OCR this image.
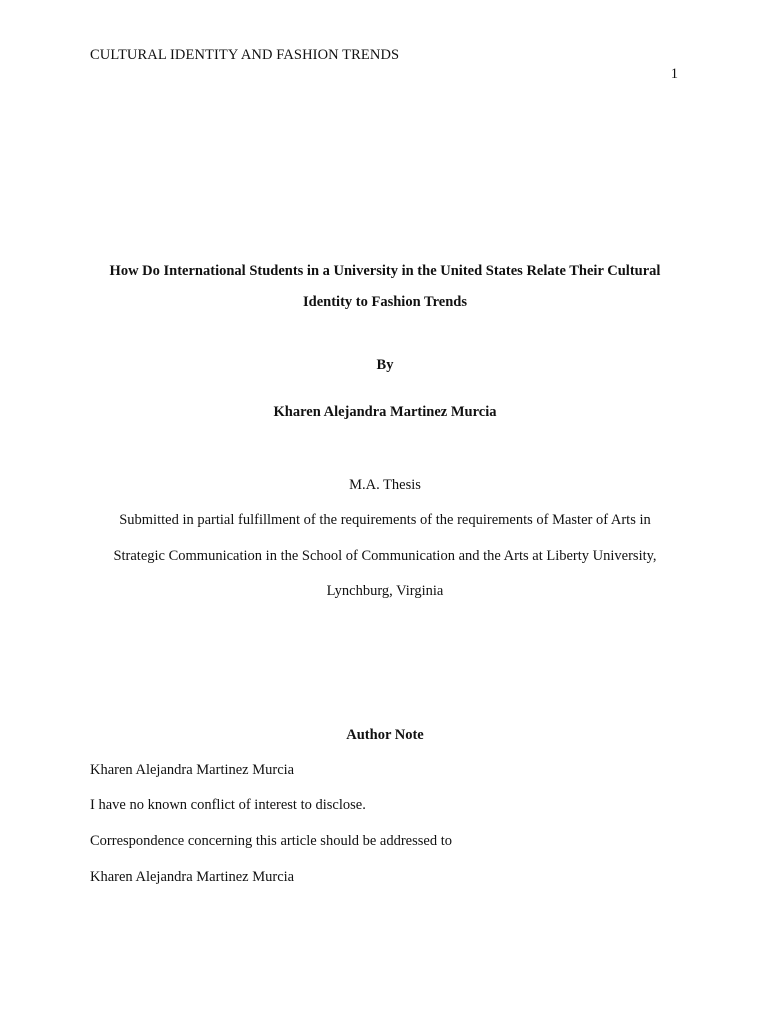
CULTURAL IDENTITY AND FASHION TRENDS
1
How Do International Students in a University in the United States Relate Their Cultural
Identity to Fashion Trends
By
Kharen Alejandra Martinez Murcia
M.A. Thesis
Submitted in partial fulfillment of the requirements of the requirements of Master of Arts in
Strategic Communication in the School of Communication and the Arts at Liberty University,
Lynchburg, Virginia
Author Note
Kharen Alejandra Martinez Murcia
I have no known conflict of interest to disclose.
Correspondence concerning this article should be addressed to
Kharen Alejandra Martinez Murcia
